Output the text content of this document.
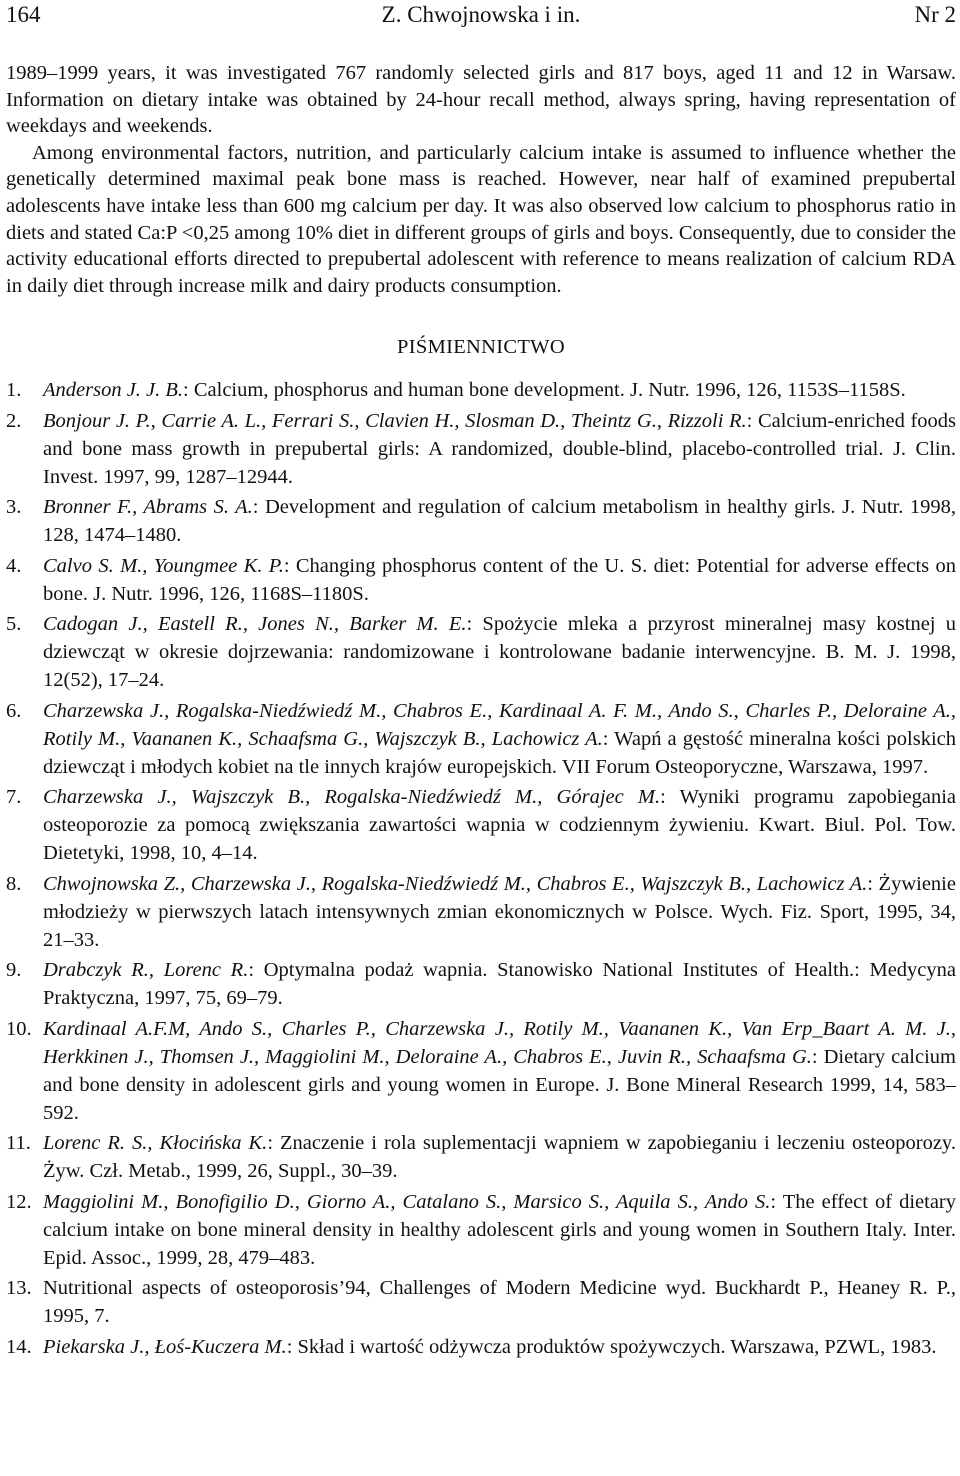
164	Z. Chwojnowska i in.	Nr 2

1989–1999 years, it was investigated 767 randomly selected girls and 817 boys, aged 11 and 12 in Warsaw. Information on dietary intake was obtained by 24-hour recall method, always spring, having representation of weekdays and weekends.

Among environmental factors, nutrition, and particularly calcium intake is assumed to influence whether the genetically determined maximal peak bone mass is reached. However, near half of examined prepubertal adolescents have intake less than 600 mg calcium per day. It was also observed low calcium to phosphorus ratio in diets and stated Ca:P <0,25 among 10% diet in different groups of girls and boys. Consequently, due to consider the activity educational efforts directed to prepubertal adolescent with reference to means realization of calcium RDA in daily diet through increase milk and dairy products consumption.

PIŚMIENNICTWO
1. Anderson J. J. B.: Calcium, phosphorus and human bone development. J. Nutr. 1996, 126, 1153S–1158S.
2. Bonjour J. P., Carrie A. L., Ferrari S., Clavien H., Slosman D., Theintz G., Rizzoli R.: Calcium-enriched foods and bone mass growth in prepubertal girls: A randomized, double-blind, placebo-controlled trial. J. Clin. Invest. 1997, 99, 1287–12944.
3. Bronner F., Abrams S. A.: Development and regulation of calcium metabolism in healthy girls. J. Nutr. 1998, 128, 1474–1480.
4. Calvo S. M., Youngmee K. P.: Changing phosphorus content of the U. S. diet: Potential for adverse effects on bone. J. Nutr. 1996, 126, 1168S–1180S.
5. Cadogan J., Eastell R., Jones N., Barker M. E.: Spożycie mleka a przyrost mineralnej masy kostnej u dziewcząt w okresie dojrzewania: randomizowane i kontrolowane badanie interwencyjne. B. M. J. 1998, 12(52), 17–24.
6. Charzewska J., Rogalska-Niedźwiedź M., Chabros E., Kardinaal A. F. M., Ando S., Charles P., Deloraine A., Rotily M., Vaananen K., Schaafsma G., Wajszczyk B., Lachowicz A.: Wapń a gęstość mineralna kości polskich dziewcząt i młodych kobiet na tle innych krajów europejskich. VII Forum Osteoporyczne, Warszawa, 1997.
7. Charzewska J., Wajszczyk B., Rogalska-Niedźwiedź M., Górajec M.: Wyniki programu zapobiegania osteoporozie za pomocą zwiększania zawartości wapnia w codziennym żywieniu. Kwart. Biul. Pol. Tow. Dietetyki, 1998, 10, 4–14.
8. Chwojnowska Z., Charzewska J., Rogalska-Niedźwiedź M., Chabros E., Wajszczyk B., Lachowicz A.: Żywienie młodzieży w pierwszych latach intensywnych zmian ekonomicznych w Polsce. Wych. Fiz. Sport, 1995, 34, 21–33.
9. Drabczyk R., Lorenc R.: Optymalna podaż wapnia. Stanowisko National Institutes of Health.: Medycyna Praktyczna, 1997, 75, 69–79.
10. Kardinaal A.F.M, Ando S., Charles P., Charzewska J., Rotily M., Vaananen K., Van Erp_Baart A. M. J., Herkkinen J., Thomsen J., Maggiolini M., Deloraine A., Chabros E., Juvin R., Schaafsma G.: Dietary calcium and bone density in adolescent girls and young women in Europe. J. Bone Mineral Research 1999, 14, 583–592.
11. Lorenc R. S., Kłocińska K.: Znaczenie i rola suplementacji wapniem w zapobieganiu i leczeniu osteoporozy. Żyw. Czł. Metab., 1999, 26, Suppl., 30–39.
12. Maggiolini M., Bonofigilio D., Giorno A., Catalano S., Marsico S., Aquila S., Ando S.: The effect of dietary calcium intake on bone mineral density in healthy adolescent girls and young women in Southern Italy. Inter. Epid. Assoc., 1999, 28, 479–483.
13. Nutritional aspects of osteoporosis’94, Challenges of Modern Medicine wyd. Buckhardt P., Heaney R. P., 1995, 7.
14. Piekarska J., Łoś-Kuczera M.: Skład i wartość odżywcza produktów spożywczych. Warszawa, PZWL, 1983.
